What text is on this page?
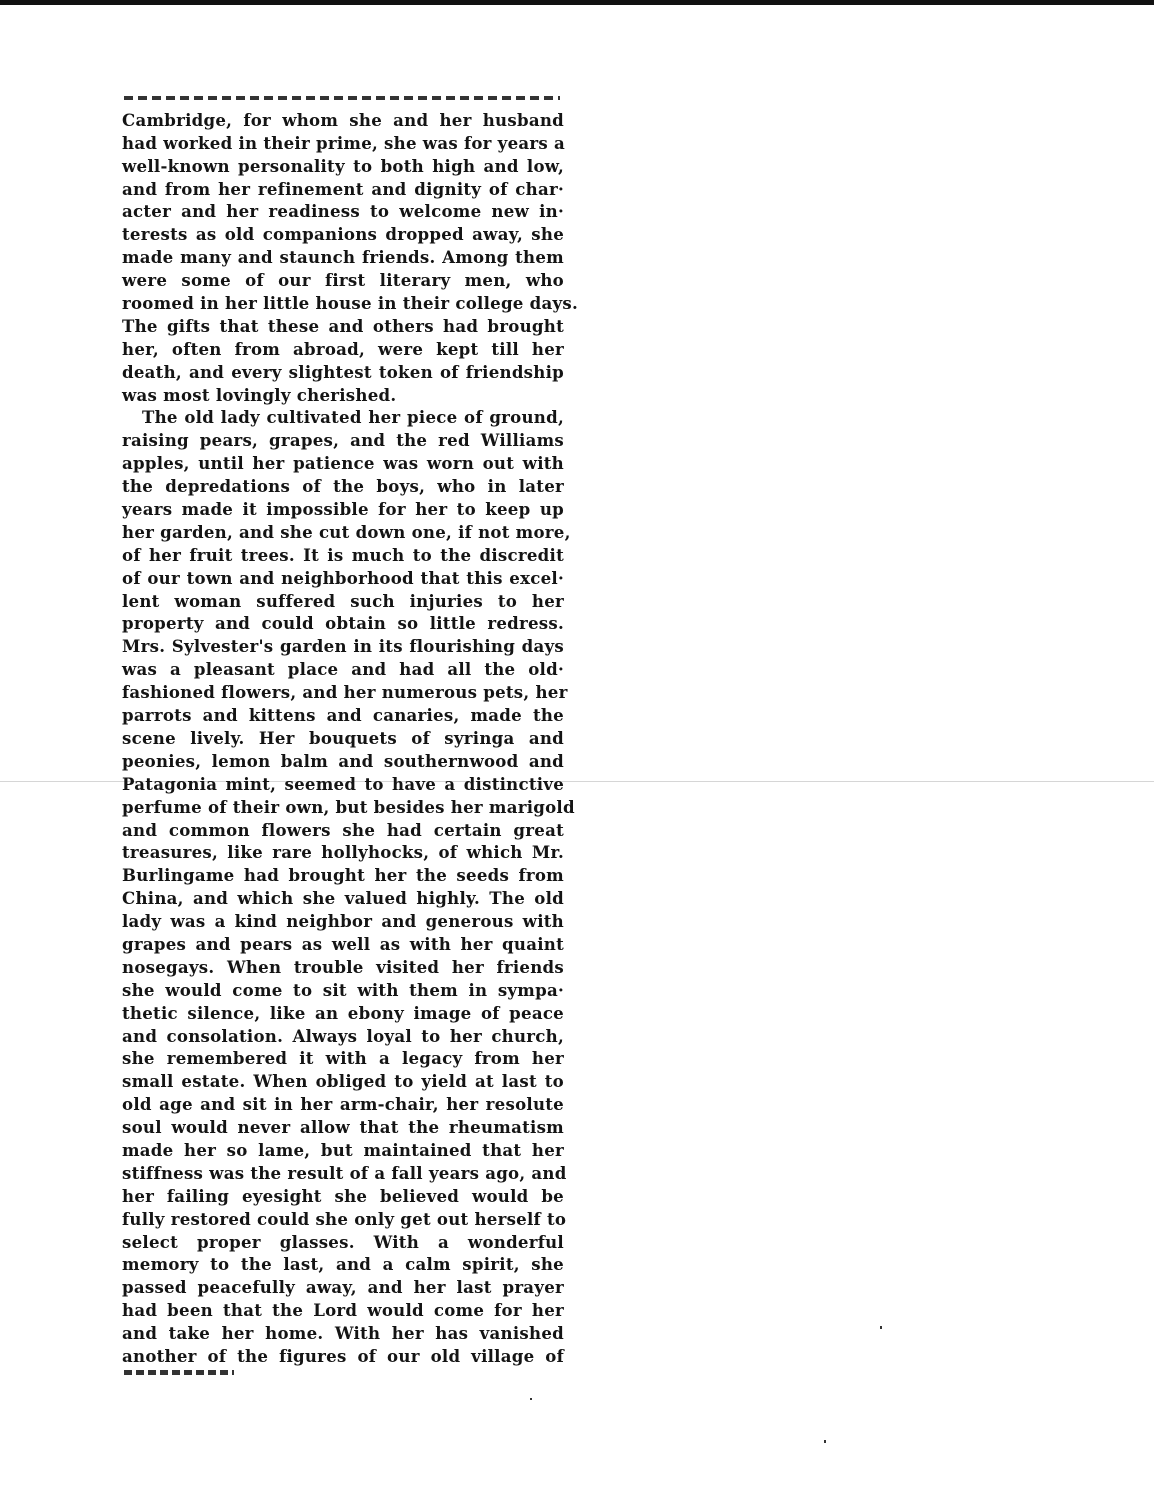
Cambridge, for whom she and her husband
had worked in their prime, she was for years a
well-known personality to both high and low,
and from her refinement and dignity of char·
acter and her readiness to welcome new in·
terests as old companions dropped away, she
made many and staunch friends. Among them
were some of our first literary men, who
roomed in her little house in their college days.
The gifts that these and others had brought
her, often from abroad, were kept till her
death, and every slightest token of friendship
was most lovingly cherished.
The old lady cultivated her piece of ground,
raising pears, grapes, and the red Williams
apples, until her patience was worn out with
the depredations of the boys, who in later
years made it impossible for her to keep up
her garden, and she cut down one, if not more,
of her fruit trees. It is much to the discredit
of our town and neighborhood that this excel·
lent woman suffered such injuries to her
property and could obtain so little redress.
Mrs. Sylvester's garden in its flourishing days
was a pleasant place and had all the old·
fashioned flowers, and her numerous pets, her
parrots and kittens and canaries, made the
scene lively. Her bouquets of syringa and
peonies, lemon balm and southernwood and
Patagonia mint, seemed to have a distinctive
perfume of their own, but besides her marigold
and common flowers she had certain great
treasures, like rare hollyhocks, of which Mr.
Burlingame had brought her the seeds from
China, and which she valued highly. The old
lady was a kind neighbor and generous with
grapes and pears as well as with her quaint
nosegays. When trouble visited her friends
she would come to sit with them in sympa·
thetic silence, like an ebony image of peace
and consolation. Always loyal to her church,
she remembered it with a legacy from her
small estate. When obliged to yield at last to
old age and sit in her arm-chair, her resolute
soul would never allow that the rheumatism
made her so lame, but maintained that her
stiffness was the result of a fall years ago, and
her failing eyesight she believed would be
fully restored could she only get out herself to
select proper glasses. With a wonderful
memory to the last, and a calm spirit, she
passed peacefully away, and her last prayer
had been that the Lord would come for her
and take her home. With her has vanished
another of the figures of our old village of
